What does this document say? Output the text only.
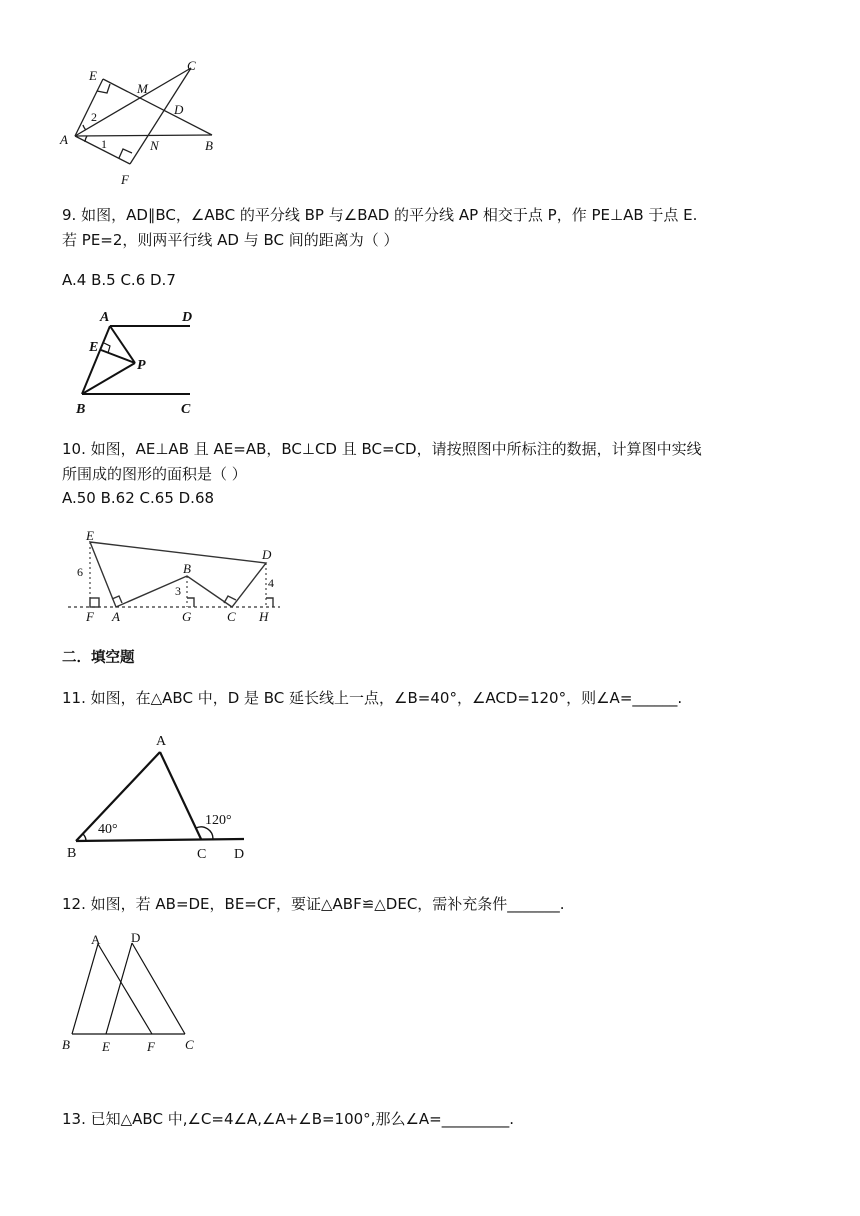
E
C
M
D
A	B
N
F
2
1
9. 如图，AD∥BC，∠ABC 的平分线 BP 与∠BAD 的平分线 AP 相交于点 P，作 PE⊥AB 于点 E.
若 PE=2，则两平行线 AD 与 BC 间的距离为（ ）
A.4 B.5 C.6 D.7
A	D
E
P
B	C
10. 如图，AE⊥AB 且 AE=AB，BC⊥CD 且 BC=CD，请按照图中所标注的数据，计算图中实线
所围成的图形的面积是（ ）
A.50 B.62 C.65 D.68
E
D
B
6
3
4
F A	G	C H
二．填空题
11. 如图，在△ABC 中，D 是 BC 延长线上一点，∠B=40°，∠ACD=120°，则∠A=______.
A
40°
120°
B	C D
12. 如图，若 AB=DE，BE=CF，要证△ABF≌△DEC，需补充条件_______.
A D
B E	F C
13. 已知△ABC 中,∠C=4∠A,∠A+∠B=100°,那么∠A=_________.
